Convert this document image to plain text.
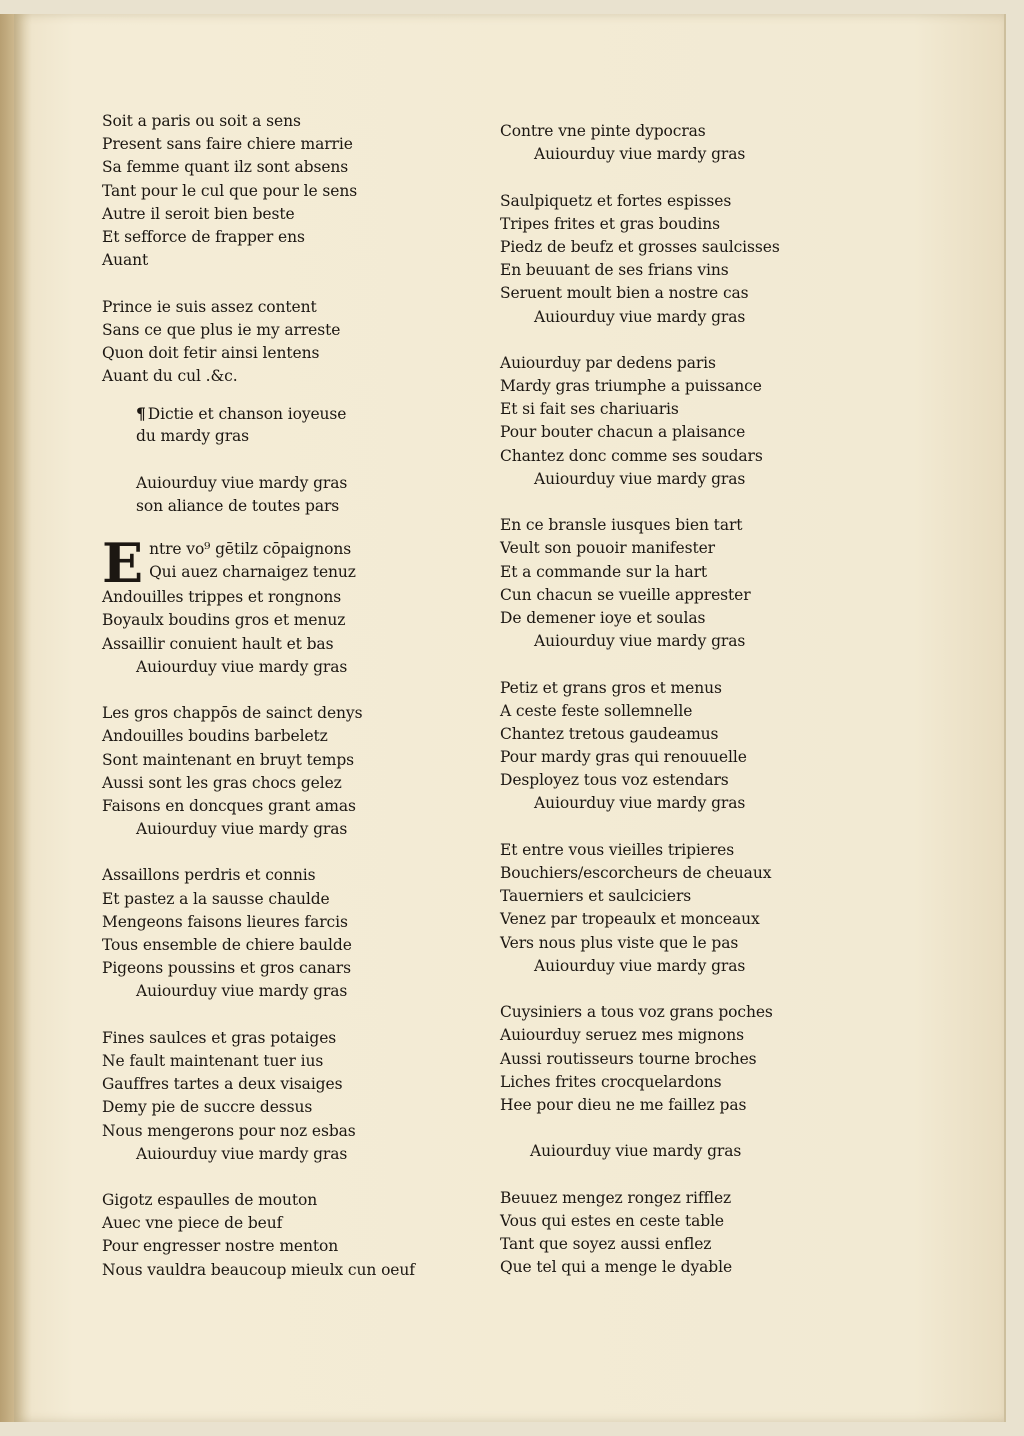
Soit a paris ou soit a sens
Present sans faire chiere marrie
Sa femme quant ilz sont absens
Tant pour le cul que pour le sens
Autre il seroit bien beste
Et sefforce de frapper ens
Auant
Prince ie suis assez content
Sans ce que plus ie my arreste
Quon doit fetir ainsi lentens
Auant du cul .&c.
¶ Dictie et chanson ioyeuse
du mardy gras
Auiourduy viue mardy gras
son aliance de toutes pars
E ntre vo⁹ gētilz cōpaignons
Qui auez charnaigez tenuz
Andouilles trippes et rongnons
Boyaulx boudins gros et menuz
Assaillir conuient hault et bas
Auiourduy viue mardy gras
Les gros chappōs de sainct denys
Andouilles boudins barbeletz
Sont maintenant en bruyt temps
Aussi sont les gras chocs gelez
Faisons en doncques grant amas
Auiourduy viue mardy gras
Assaillons perdris et connis
Et pastez a la sausse chaulde
Mengeons faisons lieures farcis
Tous ensemble de chiere baulde
Pigeons poussins et gros canars
Auiourduy viue mardy gras
Fines saulces et gras potaiges
Ne fault maintenant tuer ius
Gauffres tartes a deux visaiges
Demy pie de succre dessus
Nous mengerons pour noz esbas
Auiourduy viue mardy gras
Gigotz espaulles de mouton
Auec vne piece de beuf
Pour engresser nostre menton
Nous vauldra beaucoup mieulx cun oeuf
Contre vne pinte dypocras
Auiourduy viue mardy gras
Saulpiquetz et fortes espisses
Tripes frites et gras boudins
Piedz de beufz et grosses saulcisses
En beuuant de ses frians vins
Seruent moult bien a nostre cas
Auiourduy viue mardy gras
Auiourduy par dedens paris
Mardy gras triumphe a puissance
Et si fait ses chariuaris
Pour bouter chacun a plaisance
Chantez donc comme ses soudars
Auiourduy viue mardy gras
En ce bransle iusques bien tart
Veult son pouoir manifester
Et a commande sur la hart
Cun chacun se vueille apprester
De demener ioye et soulas
Auiourduy viue mardy gras
Petiz et grans gros et menus
A ceste feste sollemnelle
Chantez tretous gaudeamus
Pour mardy gras qui renouuelle
Desployez tous voz estendars
Auiourduy viue mardy gras
Et entre vous vieilles tripieres
Bouchiers/escorcheurs de cheuaux
Tauerniers et saulciciers
Venez par tropeaulx et monceaux
Vers nous plus viste que le pas
Auiourduy viue mardy gras
Cuysiniers a tous voz grans poches
Auiourduy seruez mes mignons
Aussi routisseurs tourne broches
Liches frites crocquelardons
Hee pour dieu ne me faillez pas
Auiourduy viue mardy gras
Beuuez mengez rongez rifflez
Vous qui estes en ceste table
Tant que soyez aussi enflez
Que tel qui a menge le dyable
